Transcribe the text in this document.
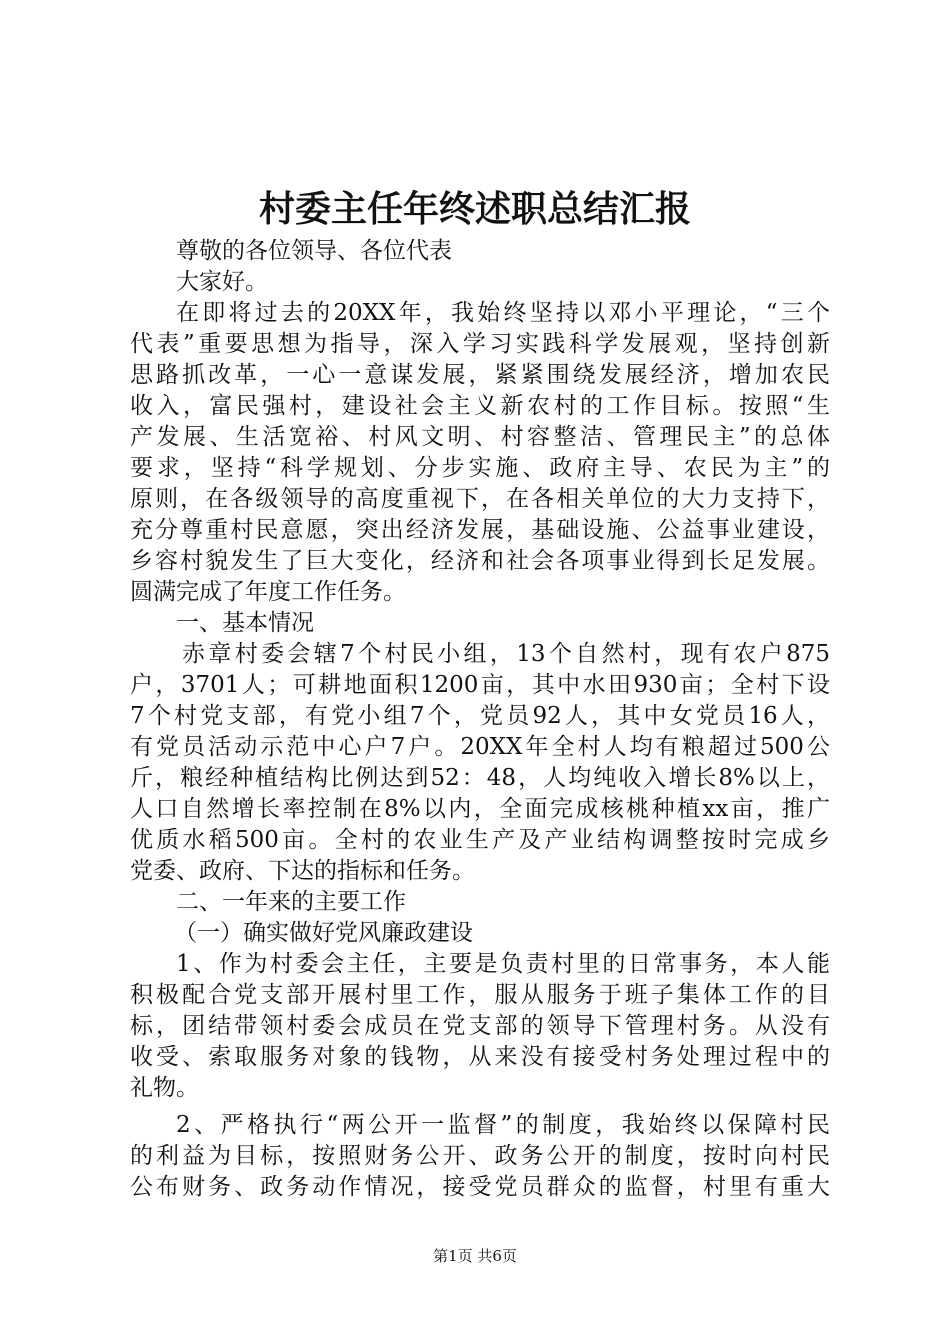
村委主任年终述职总结汇报
尊敬的各位领导、各位代表
大家好。
在即将过去的20XX年，我始终坚持以邓小平理论，“三个
代表”重要思想为指导，深入学习实践科学发展观，坚持创新
思路抓改革，一心一意谋发展，紧紧围绕发展经济，增加农民
收入，富民强村，建设社会主义新农村的工作目标。按照“生
产发展、生活宽裕、村风文明、村容整洁、管理民主”的总体
要求，坚持“科学规划、分步实施、政府主导、农民为主”的
原则，在各级领导的高度重视下，在各相关单位的大力支持下，
充分尊重村民意愿，突出经济发展，基础设施、公益事业建设，
乡容村貌发生了巨大变化，经济和社会各项事业得到长足发展。
圆满完成了年度工作任务。
一、基本情况
赤章村委会辖7个村民小组，13个自然村，现有农户875
户，3701人；可耕地面积1200亩，其中水田930亩；全村下设
7个村党支部，有党小组7个，党员92人，其中女党员16人，
有党员活动示范中心户7户。20XX年全村人均有粮超过500公
斤，粮经种植结构比例达到52：48，人均纯收入增长8%以上，
人口自然增长率控制在8%以内，全面完成核桃种植xx亩，推广
优质水稻500亩。全村的农业生产及产业结构调整按时完成乡
党委、政府、下达的指标和任务。
二、一年来的主要工作
（一）确实做好党风廉政建设
1、作为村委会主任，主要是负责村里的日常事务，本人能
积极配合党支部开展村里工作，服从服务于班子集体工作的目
标，团结带领村委会成员在党支部的领导下管理村务。从没有
收受、索取服务对象的钱物，从来没有接受村务处理过程中的
礼物。
2、严格执行“两公开一监督”的制度，我始终以保障村民
的利益为目标，按照财务公开、政务公开的制度，按时向村民
公布财务、政务动作情况，接受党员群众的监督，村里有重大
第1页 共6页
